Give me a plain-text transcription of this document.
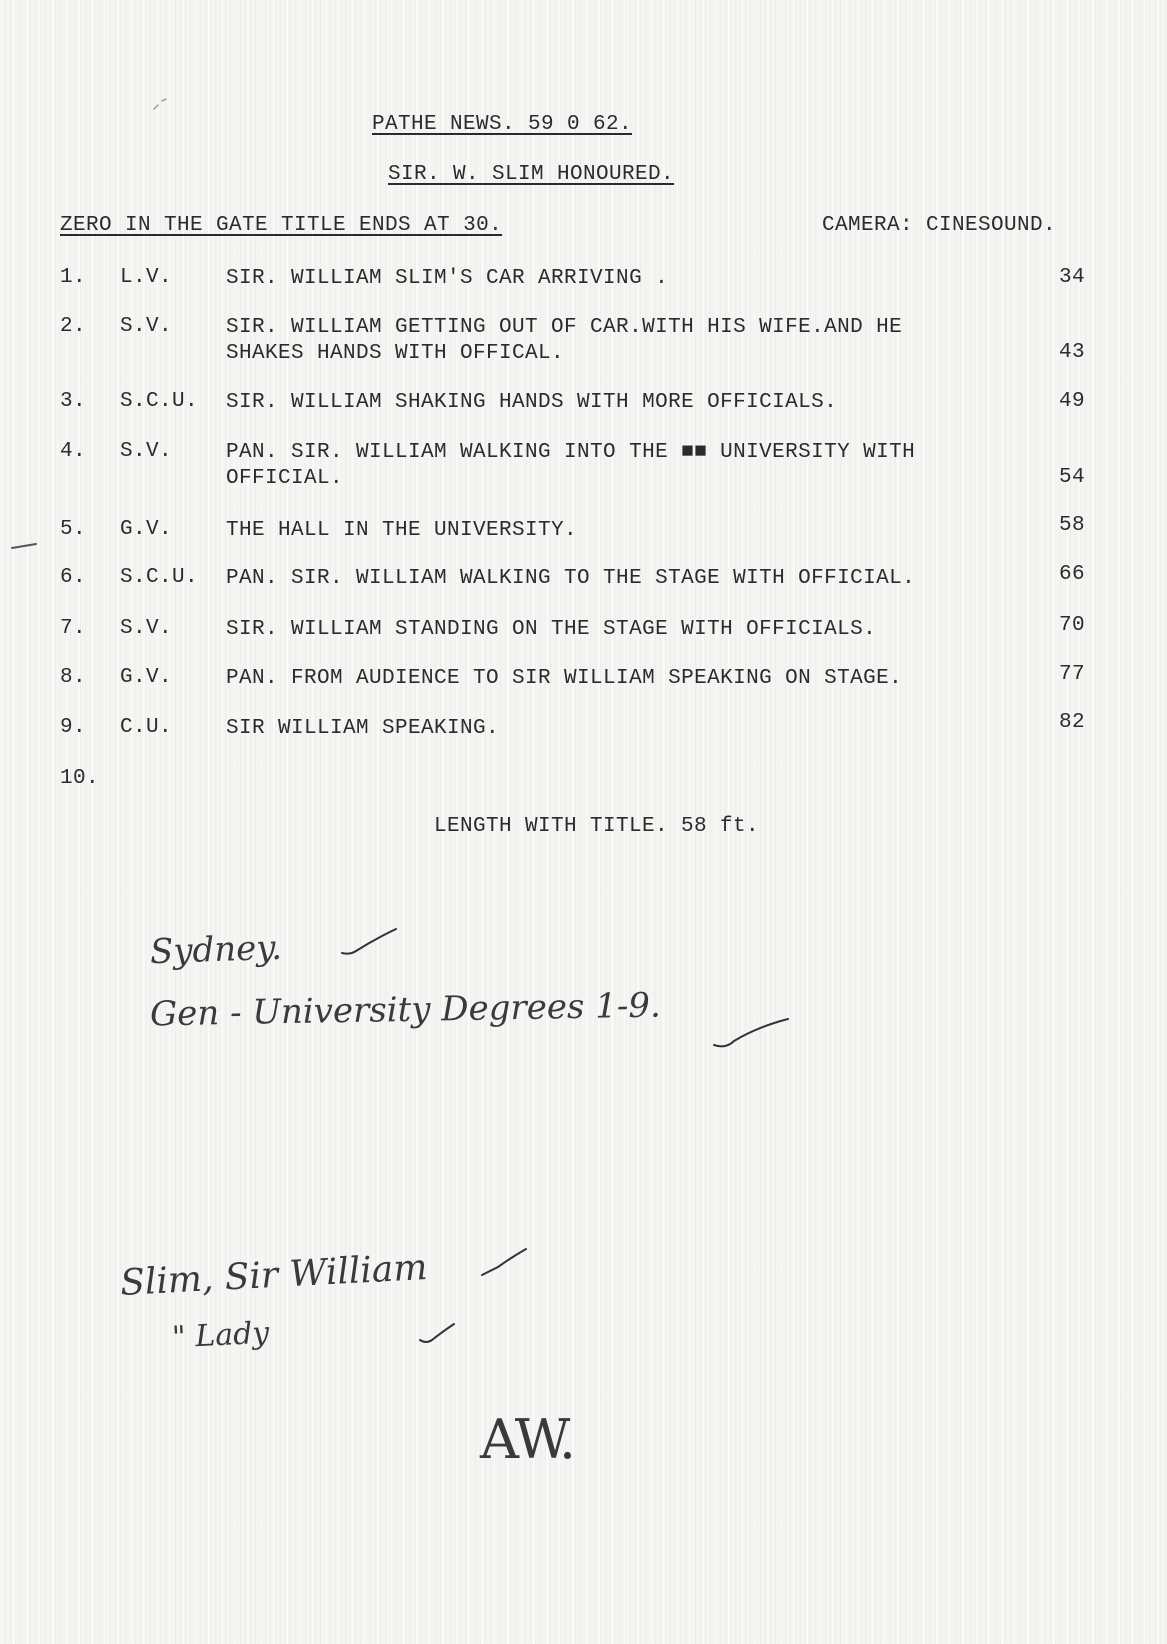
PATHE NEWS. 59 0 62.
SIR. W. SLIM HONOURED.
ZERO IN THE GATE TITLE ENDS AT 30.	CAMERA: CINESOUND.
1. L.V.	SIR. WILLIAM SLIM'S CAR ARRIVING .	34
2. S.V.	SIR. WILLIAM GETTING OUT OF CAR.WITH HIS WIFE.AND HE
SHAKES HANDS WITH OFFICAL.	43
3. S.C.U. SIR. WILLIAM SHAKING HANDS WITH MORE OFFICIALS.	49
4. S.V.	PAN. SIR. WILLIAM WALKING INTO THE ■■ UNIVERSITY WITH
OFFICIAL.	54
5. G.V.	THE HALL IN THE UNIVERSITY.	58
6. S.C.U. PAN. SIR. WILLIAM WALKING TO THE STAGE WITH OFFICIAL.	66
7. S.V.	SIR. WILLIAM STANDING ON THE STAGE WITH OFFICIALS.	70
8. G.V.	PAN. FROM AUDIENCE TO SIR WILLIAM SPEAKING ON STAGE.	77
9. C.U.	SIR WILLIAM SPEAKING.	82
10.
LENGTH WITH TITLE. 58 ft.
Sydney.
Gen - University Degrees 1-9.
Slim, Sir William
" Lady
AW.
